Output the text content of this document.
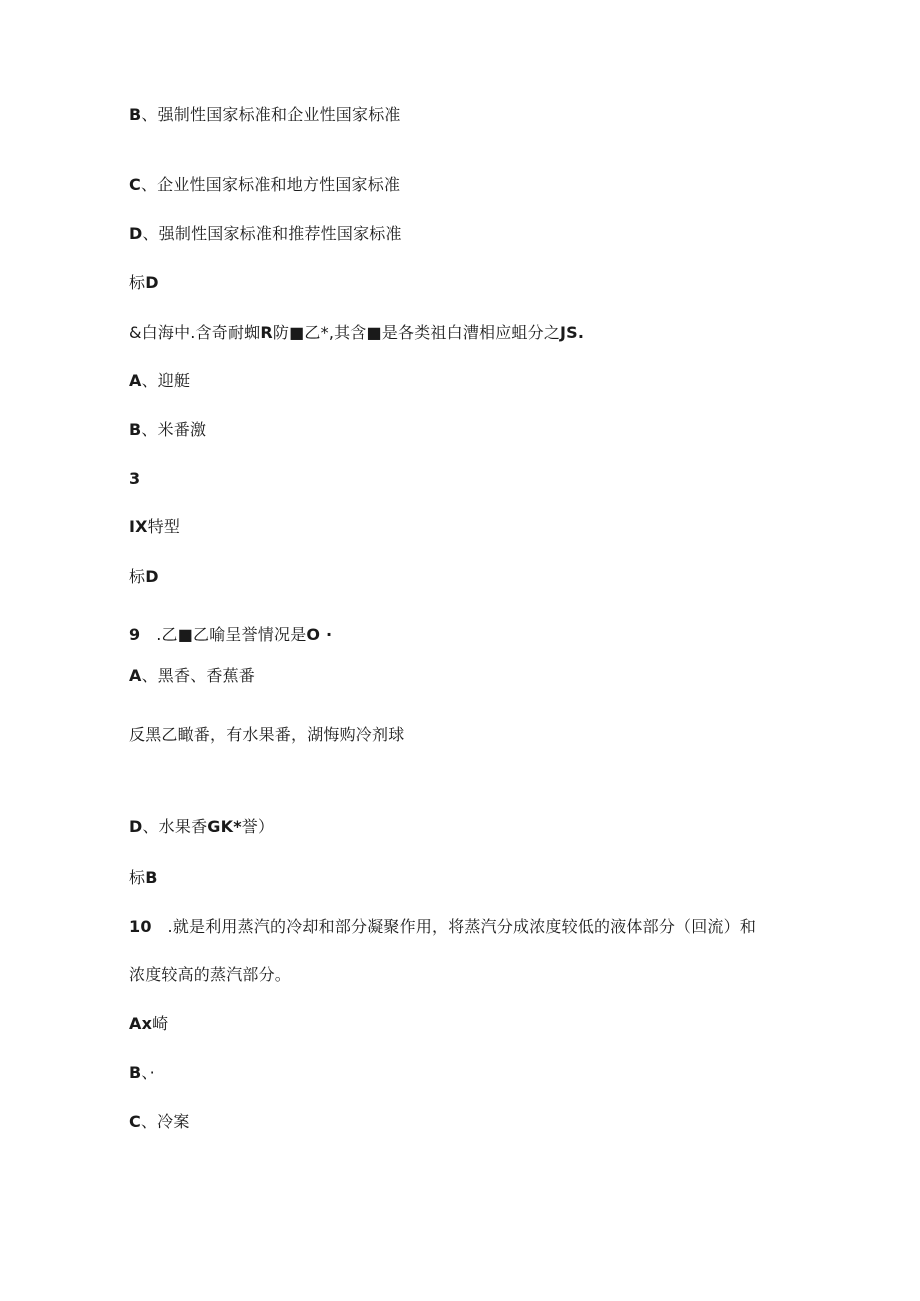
B、强制性国家标准和企业性国家标准
C、企业性国家标准和地方性国家标准
D、强制性国家标准和推荐性国家标准
标D
&白海中.含奇耐蜘R防■乙*,其含■是各类祖白漕相应蛆分之JS.
A、迎艇
B、米番激
3
IX特型
标D
9   .乙■乙喻呈誉情况是O ·
A、黑香、香蕉番
反黑乙瞰番，有水果番，湖悔购冷剂球
D、水果香GK*誉）
标B
10   .就是利用蒸汽的冷却和部分凝聚作用，将蒸汽分成浓度较低的液体部分（回流）和
浓度较高的蒸汽部分。
Ax崎
B、·
C、冷案
